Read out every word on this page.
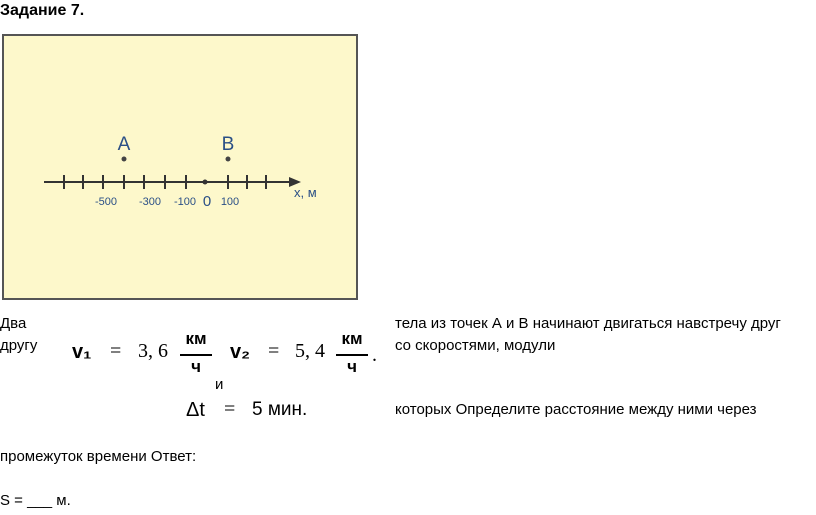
Задание 7.
A	B
-500 -300 -100 0 100
x, м
Два	тела из точек А и В начинают двигаться навстречу друг
другу	со скоростями, модули
v₁ = 3, 6
км
ч
и
v₂ = 5, 4
км
ч
.
Δt = 5 мин.	которых Определите расстояние между ними через
промежуток времени Ответ:
S = ___ м.
